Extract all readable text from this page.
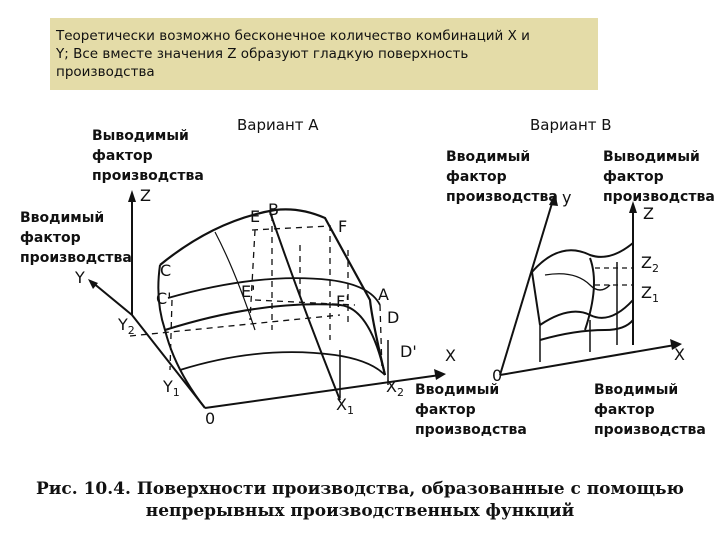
Теоретически возможно бесконечное количество комбинаций X и
Y; Все вместе значения Z образуют гладкую поверхность
производства
Вариант А
Выводимый
фактор
производства
Вводимый
фактор
производства
Вводимый
фактор
производства
Z
Y
X
0
E B
F
C
C'	E'
F' A
D
D'
$Y_2$
$Y_1$
$X_1$
$X_2$
Вариант В
Вводимый
фактор
производства
Выводимый
фактор
производства
Вводимый
фактор
производства
y
Z
X
0
$Z_2$
$Z_1$
Рис. 10.4. Поверхности производства, образованные с помощью
непрерывных производственных функций
